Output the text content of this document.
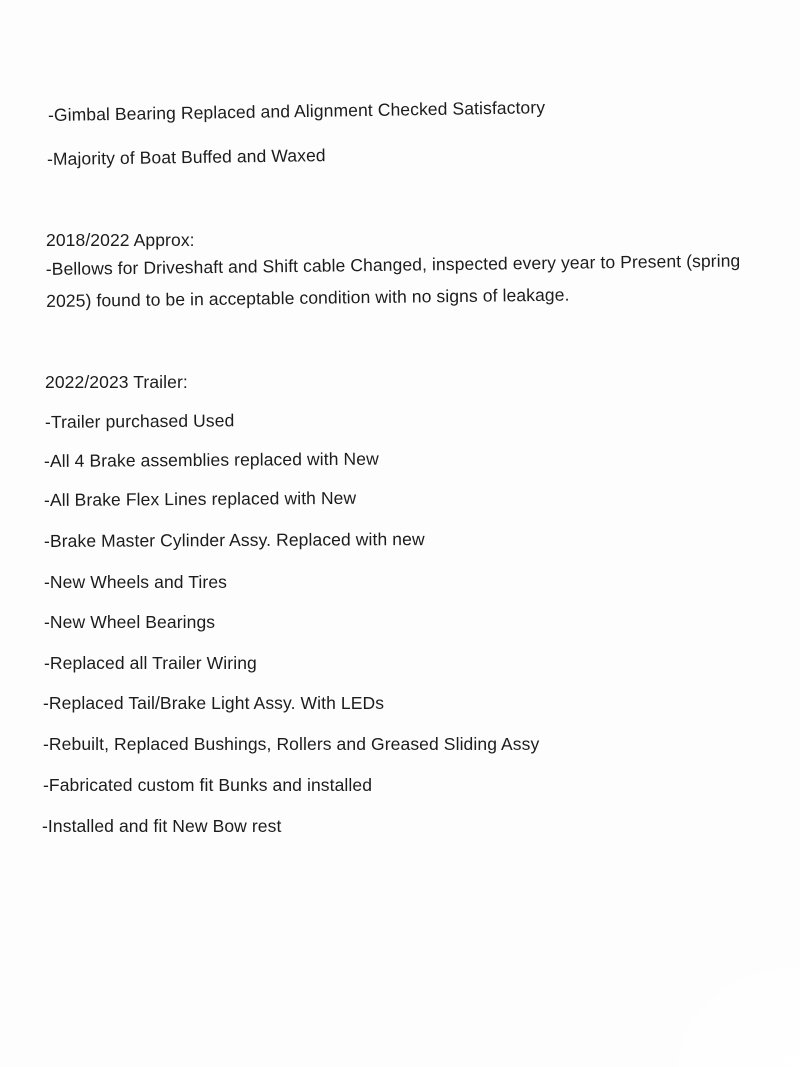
-Gimbal Bearing Replaced and Alignment Checked Satisfactory
-Majority of Boat Buffed and Waxed
2018/2022 Approx:
-Bellows for Driveshaft and Shift cable Changed, inspected every year to Present (spring 2025) found to be in acceptable condition with no signs of leakage.
2022/2023 Trailer:
-Trailer purchased Used
-All 4 Brake assemblies replaced with New
-All Brake Flex Lines replaced with New
-Brake Master Cylinder Assy. Replaced with new
-New Wheels and Tires
-New Wheel Bearings
-Replaced all Trailer Wiring
-Replaced Tail/Brake Light Assy. With LEDs
-Rebuilt, Replaced Bushings, Rollers and Greased Sliding Assy
-Fabricated custom fit Bunks and installed
-Installed and fit New Bow rest
